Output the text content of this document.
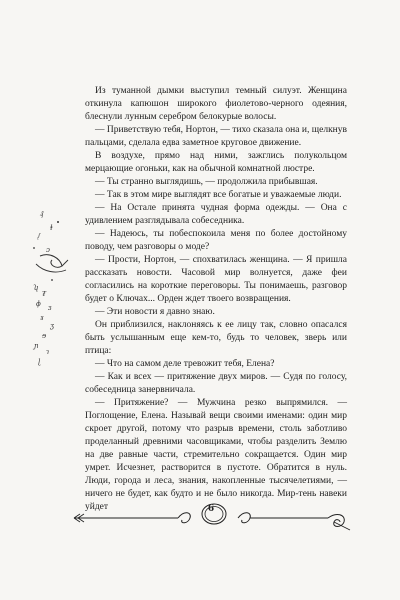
Из туманной дымки выступил темный силуэт. Женщина откинула капюшон широкого фиолетово-черного одеяния, блеснули лунным серебром белокурые волосы.

— Приветствую тебя, Нортон, — тихо сказала она и, щелкнув пальцами, сделала едва заметное круговое движение.

В воздухе, прямо над ними, зажглись полукольцом мерцающие огоньки, как на обычной комнатной люстре.

— Ты странно выглядишь, — продолжила прибывшая.

— Так в этом мире выглядят все богатые и уважаемые люди.

— На Остале принята чудная форма одежды. — Она с удивлением разглядывала собеседника.

— Надеюсь, ты побеспокоила меня по более достойному поводу, чем разговоры о моде?

— Прости, Нортон, — спохватилась женщина. — Я пришла рассказать новости. Часовой мир волнуется, даже феи согласились на короткие переговоры. Ты понимаешь, разговор будет о Ключах... Орден ждет твоего возвращения.

— Эти новости я давно знаю.

Он приблизился, наклоняясь к ее лицу так, словно опасался быть услышанным еще кем-то, будь то человек, зверь или птица:

— Что на самом деле тревожит тебя, Елена?

— Как и всех — притяжение двух миров. — Судя по голосу, собеседница занервничала.

— Притяжение? — Мужчина резко выпрямился. — Поглощение, Елена. Называй вещи своими именами: один мир скроет другой, потому что разрыв времени, столь заботливо проделанный древними часовщиками, чтобы разделить Землю на две равные части, стремительно сокращается. Один мир умрет. Исчезнет, растворится в пустоте. Обратится в нуль. Люди, города и леса, знания, накопленные тысячелетиями, — ничего не будет, как будто и не было никогда. Мир-тень навеки уйдет

₰
ɫ
ᶘ
ɔ
ʮ
₮
ɸ ɜ
ɤ
ʒ
ɘ
ɲ
ɿ
ɭ
6
